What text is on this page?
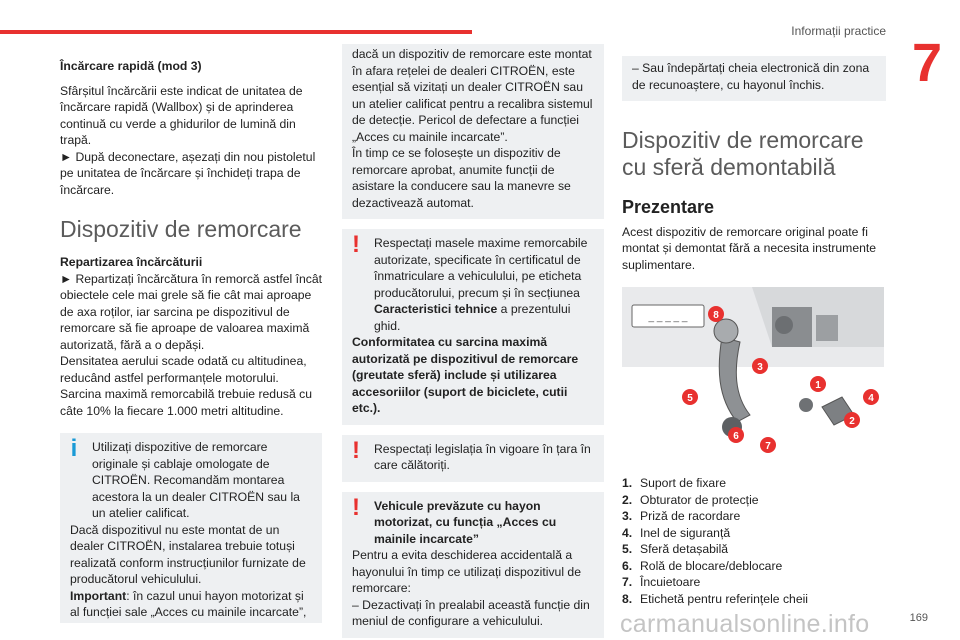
Informații practice
7
169
carmanualsonline.info
Încărcare rapidă (mod 3)
Sfârșitul încărcării este indicat de unitatea de încărcare rapidă (Wallbox) și de aprinderea continuă cu verde a ghidurilor de lumină din trapă.
► După deconectare, așezați din nou pistoletul pe unitatea de încărcare și închideți trapa de încărcare.
Dispozitiv de remorcare
Repartizarea încărcăturii
► Repartizați încărcătura în remorcă astfel încât obiectele cele mai grele să fie cât mai aproape de axa roților, iar sarcina pe dispozitivul de remorcare să fie aproape de valoarea maximă autorizată, fără a o depăși.
Densitatea aerului scade odată cu altitudinea, reducând astfel performanțele motorului. Sarcina maximă remorcabilă trebuie redusă cu câte 10% la fiecare 1.000 metri altitudine.
i	Utilizați dispozitive de remorcare originale și cablaje omologate de CITROËN. Recomandăm montarea acestora la un dealer CITROËN sau la un atelier calificat.
Dacă dispozitivul nu este montat de un dealer CITROËN, instalarea trebuie totuși realizată conform instrucțiunilor furnizate de producătorul vehiculului.
Important: în cazul unui hayon motorizat și al funcției sale „Acces cu mainile incarcate”,
dacă un dispozitiv de remorcare este montat în afara rețelei de dealeri CITROËN, este esențial să vizitați un dealer CITROËN sau un atelier calificat pentru a recalibra sistemul de detecție. Pericol de defectare a funcției „Acces cu mainile incarcate”.
În timp ce se folosește un dispozitiv de remorcare aprobat, anumite funcții de asistare la conducere sau la manevre se dezactivează automat.
!	Respectați masele maxime remorcabile autorizate, specificate în certificatul de înmatriculare a vehiculului, pe eticheta producătorului, precum și în secțiunea Caracteristici tehnice a prezentului ghid.
Conformitatea cu sarcina maximă autorizată pe dispozitivul de remorcare (greutate sferă) include și utilizarea accesoriilor (suport de biciclete, cutii etc.).
!	Respectați legislația în vigoare în țara în care călătoriți.
!	Vehicule prevăzute cu hayon motorizat, cu funcția „Acces cu mainile incarcate”
Pentru a evita deschiderea accidentală a hayonului în timp ce utilizați dispozitivul de remorcare:
– Dezactivați în prealabil această funcție din meniul de configurare a vehiculului.
– Sau îndepărtați cheia electronică din zona de recunoaștere, cu hayonul închis.
Dispozitiv de remorcare cu sferă demontabilă
Prezentare
Acest dispozitiv de remorcare original poate fi montat și demontat fără a necesita instrumente suplimentare.
_ _ _ _ _	8
3
1
4
5
2
6
7
1. Suport de fixare
2. Obturator de protecție
3. Priză de racordare
4. Inel de siguranță
5. Sferă detașabilă
6. Rolă de blocare/deblocare
7. Încuietoare
8. Etichetă pentru referințele cheii
